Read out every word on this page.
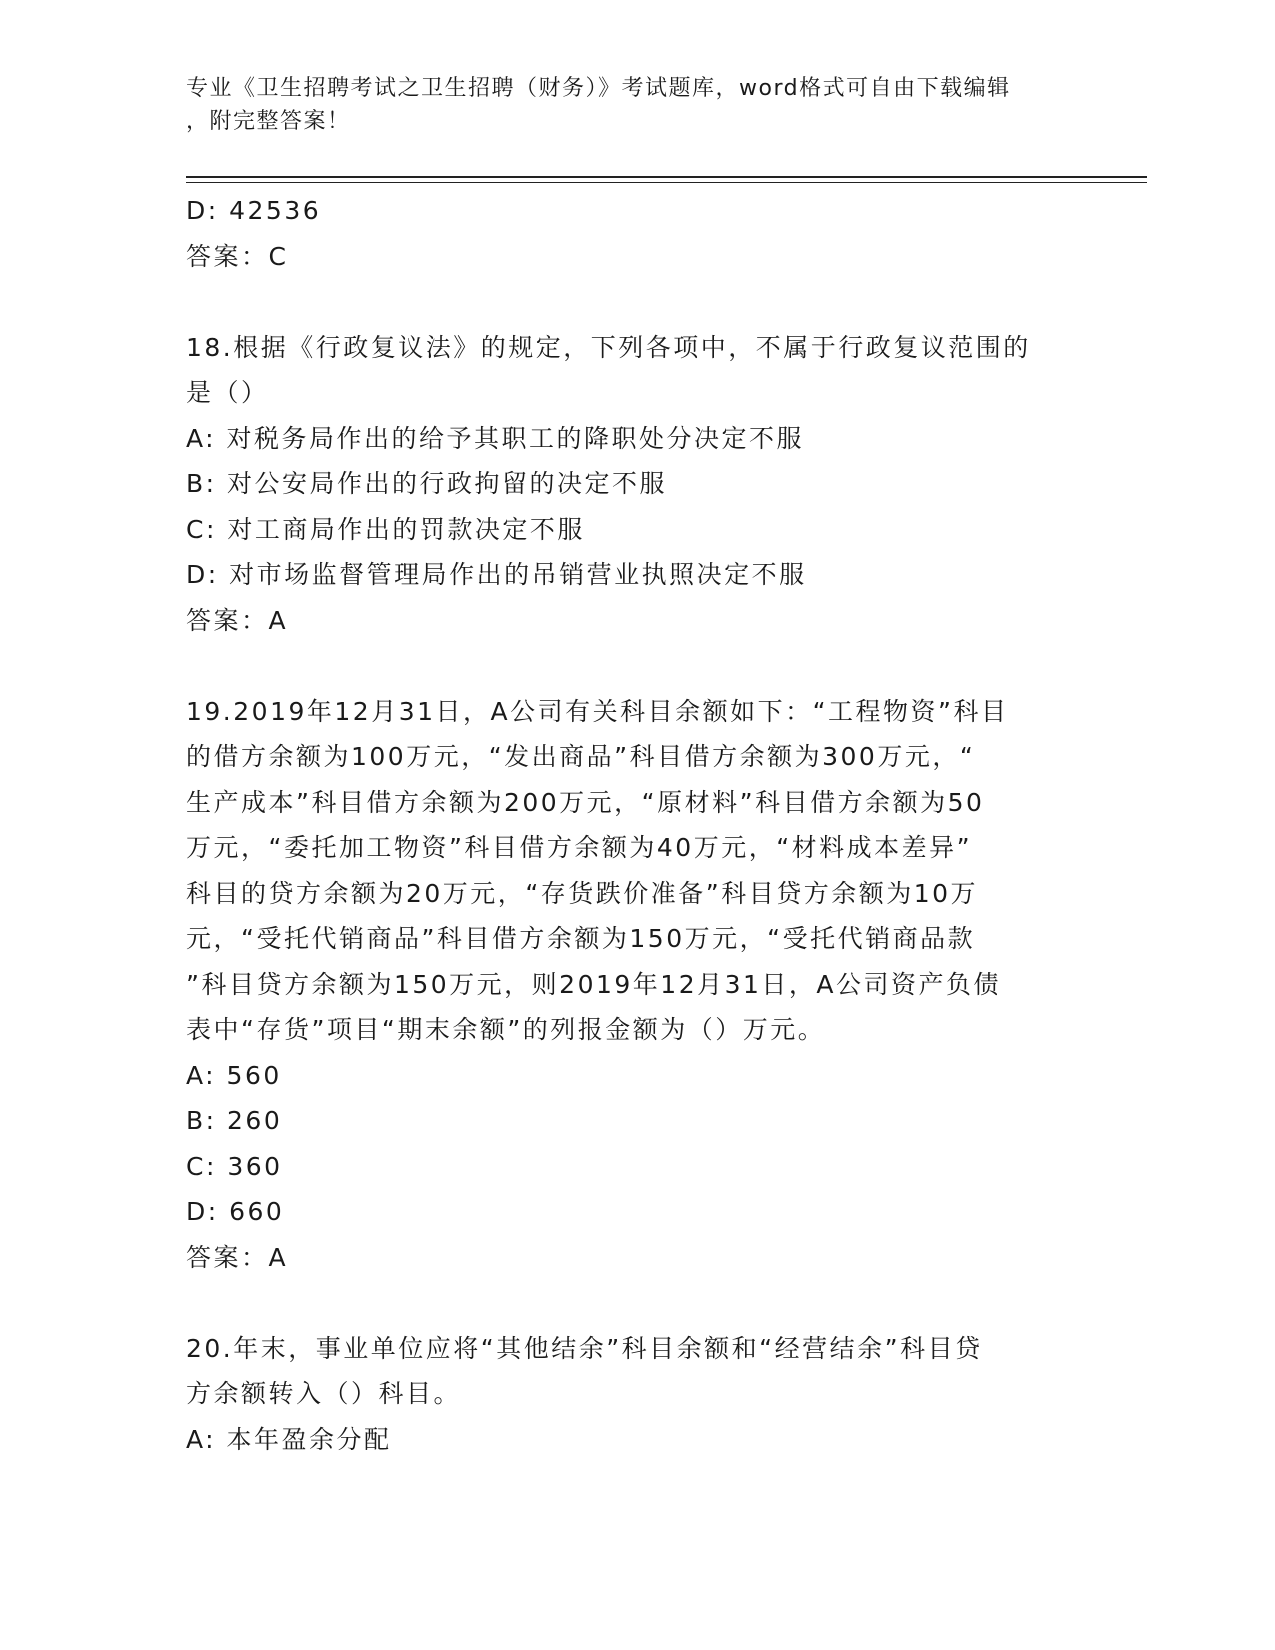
专业《卫生招聘考试之卫生招聘（财务）》考试题库，word格式可自由下载编辑
，附完整答案！
D: 42536
答案：C
18.根据《行政复议法》的规定，下列各项中，不属于行政复议范围的
是（）
A: 对税务局作出的给予其职工的降职处分决定不服
B: 对公安局作出的行政拘留的决定不服
C: 对工商局作出的罚款决定不服
D: 对市场监督管理局作出的吊销营业执照决定不服
答案：A
19.2019年12月31日，A公司有关科目余额如下：“工程物资”科目
的借方余额为100万元，“发出商品”科目借方余额为300万元，“
生产成本”科目借方余额为200万元，“原材料”科目借方余额为50
万元，“委托加工物资”科目借方余额为40万元，“材料成本差异”
科目的贷方余额为20万元，“存货跌价准备”科目贷方余额为10万
元，“受托代销商品”科目借方余额为150万元，“受托代销商品款
”科目贷方余额为150万元，则2019年12月31日，A公司资产负债
表中“存货”项目“期末余额”的列报金额为（）万元。
A: 560
B: 260
C: 360
D: 660
答案：A
20.年末，事业单位应将“其他结余”科目余额和“经营结余”科目贷
方余额转入（）科目。
A: 本年盈余分配
